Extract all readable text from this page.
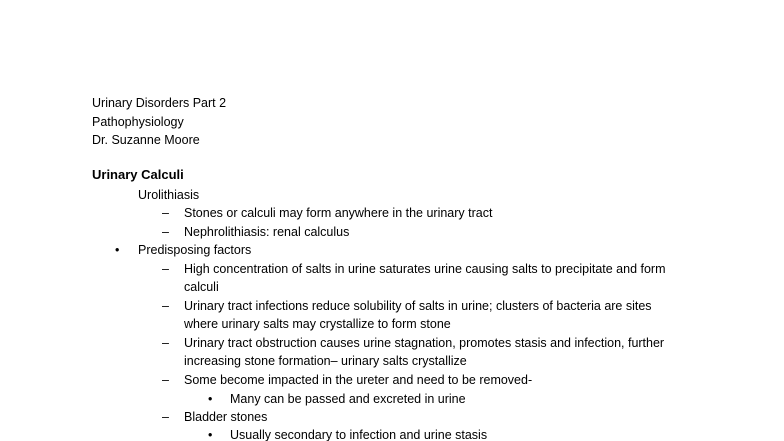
Urinary Disorders Part 2
Pathophysiology
Dr. Suzanne Moore
Urinary Calculi
Urolithiasis
– Stones or calculi may form anywhere in the urinary tract
– Nephrolithiasis: renal calculus
• Predisposing factors
– High concentration of salts in urine saturates urine causing salts to precipitate and form
calculi
– Urinary tract infections reduce solubility of salts in urine; clusters of bacteria are sites
where urinary salts may crystallize to form stone
– Urinary tract obstruction causes urine stagnation, promotes stasis and infection, further
increasing stone formation– urinary salts crystallize
– Some become impacted in the ureter and need to be removed-
• Many can be passed and excreted in urine
– Bladder stones
• Usually secondary to infection and urine stasis
